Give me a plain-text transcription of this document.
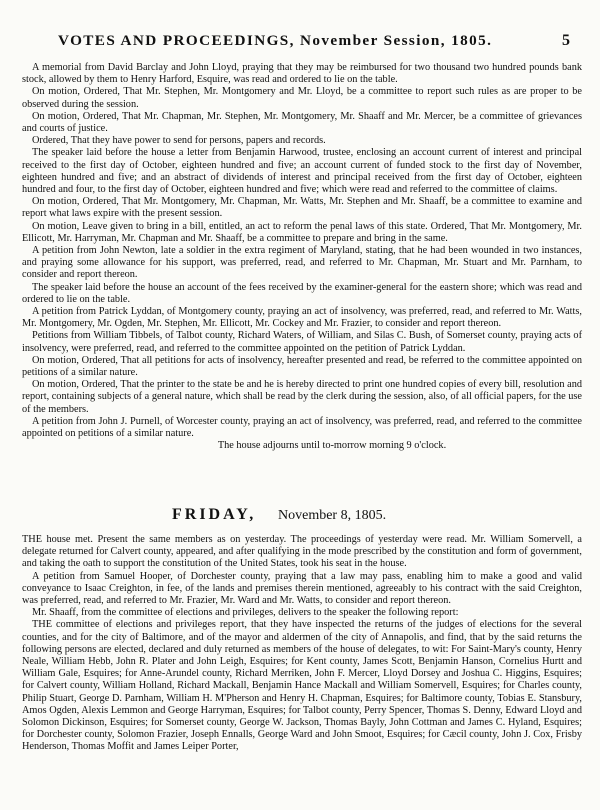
VOTES AND PROCEEDINGS, November Session, 1805.	5

A memorial from David Barclay and John Lloyd, praying that they may be reimbursed for two thousand two hundred pounds bank stock, allowed by them to Henry Harford, Esquire, was read and ordered to lie on the table.

On motion, Ordered, That Mr. Stephen, Mr. Montgomery and Mr. Lloyd, be a committee to report such rules as are proper to be observed during the session.

On motion, Ordered, That Mr. Chapman, Mr. Stephen, Mr. Montgomery, Mr. Shaaff and Mr. Mercer, be a committee of grievances and courts of justice.

Ordered, That they have power to send for persons, papers and records.

The speaker laid before the house a letter from Benjamin Harwood, trustee, enclosing an account current of interest and principal received to the first day of October, eighteen hundred and five; an account current of funded stock to the first day of November, eighteen hundred and five; and an abstract of dividends of interest and principal received from the first day of October, eighteen hundred and four, to the first day of October, eighteen hundred and five; which were read and referred to the committee of claims.

On motion, Ordered, That Mr. Montgomery, Mr. Chapman, Mr. Watts, Mr. Stephen and Mr. Shaaff, be a committee to examine and report what laws expire with the present session.

On motion, Leave given to bring in a bill, entitled, an act to reform the penal laws of this state. Ordered, That Mr. Montgomery, Mr. Ellicott, Mr. Harryman, Mr. Chapman and Mr. Shaaff, be a committee to prepare and bring in the same.

A petition from John Newton, late a soldier in the extra regiment of Maryland, stating, that he had been wounded in two instances, and praying some allowance for his support, was preferred, read, and referred to Mr. Chapman, Mr. Stuart and Mr. Parnham, to consider and report thereon.

The speaker laid before the house an account of the fees received by the examiner-general for the eastern shore; which was read and ordered to lie on the table.

A petition from Patrick Lyddan, of Montgomery county, praying an act of insolvency, was preferred, read, and referred to Mr. Watts, Mr. Montgomery, Mr. Ogden, Mr. Stephen, Mr. Ellicott, Mr. Cockey and Mr. Frazier, to consider and report thereon.

Petitions from William Tibbels, of Talbot county, Richard Waters, of William, and Silas C. Bush, of Somerset county, praying acts of insolvency, were preferred, read, and referred to the committee appointed on the petition of Patrick Lyddan.

On motion, Ordered, That all petitions for acts of insolvency, hereafter presented and read, be referred to the committee appointed on petitions of a similar nature.

On motion, Ordered, That the printer to the state be and he is hereby directed to print one hundred copies of every bill, resolution and report, containing subjects of a general nature, which shall be read by the clerk during the session, also, of all official papers, for the use of the members.

A petition from John J. Purnell, of Worcester county, praying an act of insolvency, was preferred, read, and referred to the committee appointed on petitions of a similar nature.

The house adjourns until to-morrow morning 9 o'clock.

FRIDAY, November 8, 1805.

THE house met. Present the same members as on yesterday. The proceedings of yesterday were read. Mr. William Somervell, a delegate returned for Calvert county, appeared, and after qualifying in the mode prescribed by the constitution and form of government, and taking the oath to support the constitution of the United States, took his seat in the house.

A petition from Samuel Hooper, of Dorchester county, praying that a law may pass, enabling him to make a good and valid conveyance to Isaac Creighton, in fee, of the lands and premises therein mentioned, agreeably to his contract with the said Creighton, was preferred, read, and referred to Mr. Frazier, Mr. Ward and Mr. Watts, to consider and report thereon.

Mr. Shaaff, from the committee of elections and privileges, delivers to the speaker the following report:

THE committee of elections and privileges report, that they have inspected the returns of the judges of elections for the several counties, and for the city of Baltimore, and of the mayor and aldermen of the city of Annapolis, and find, that by the said returns the following persons are elected, declared and duly returned as members of the house of delegates, to wit: For Saint-Mary's county, Henry Neale, William Hebb, John R. Plater and John Leigh, Esquires; for Kent county, James Scott, Benjamin Hanson, Cornelius Hurtt and William Gale, Esquires; for Anne-Arundel county, Richard Merriken, John F. Mercer, Lloyd Dorsey and Joshua C. Higgins, Esquires; for Calvert county, William Holland, Richard Mackall, Benjamin Hance Mackall and William Somervell, Esquires; for Charles county, Philip Stuart, George D. Parnham, William H. M'Pherson and Henry H. Chapman, Esquires; for Baltimore county, Tobias E. Stansbury, Amos Ogden, Alexis Lemmon and George Harryman, Esquires; for Talbot county, Perry Spencer, Thomas S. Denny, Edward Lloyd and Solomon Dickinson, Esquires; for Somerset county, George W. Jackson, Thomas Bayly, John Cottman and James C. Hyland, Esquires; for Dorchester county, Solomon Frazier, Joseph Ennalls, George Ward and John Smoot, Esquires; for Cæcil county, John J. Cox, Frisby Henderson, Thomas Moffit and James Leiper Porter,
